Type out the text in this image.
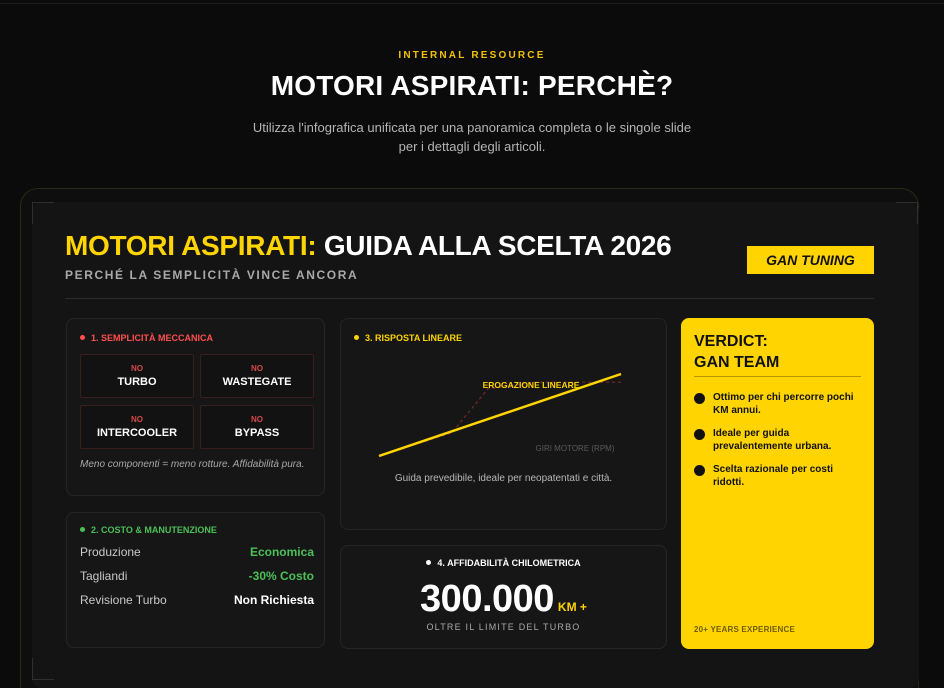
INTERNAL RESOURCE
MOTORI ASPIRATI: PERCHÈ?
Utilizza l'infografica unificata per una panoramica completa o le singole slide per i dettagli degli articoli.
MOTORI ASPIRATI: GUIDA ALLA SCELTA 2026
PERCHÉ LA SEMPLICITÀ VINCE ANCORA
GAN TUNING
1. SEMPLICITÀ MECCANICA
NO
TURBO
NO
WASTEGATE
NO
INTERCOOLER
NO
BYPASS
Meno componenti = meno rotture. Affidabilità pura.
2. COSTO & MANUTENZIONE
Produzione	Economica
Tagliandi	-30% Costo
Revisione Turbo	Non Richiesta
3. RISPOSTA LINEARE
EROGAZIONE LINEARE
GIRI MOTORE (RPM)
Guida prevedibile, ideale per neopatentati e città.
4. AFFIDABILITÀ CHILOMETRICA
300.000 KM +
OLTRE IL LIMITE DEL TURBO
VERDICT:
GAN TEAM
Ottimo per chi percorre pochi KM annui.
Ideale per guida prevalentemente urbana.
Scelta razionale per costi ridotti.
20+ YEARS EXPERIENCE
